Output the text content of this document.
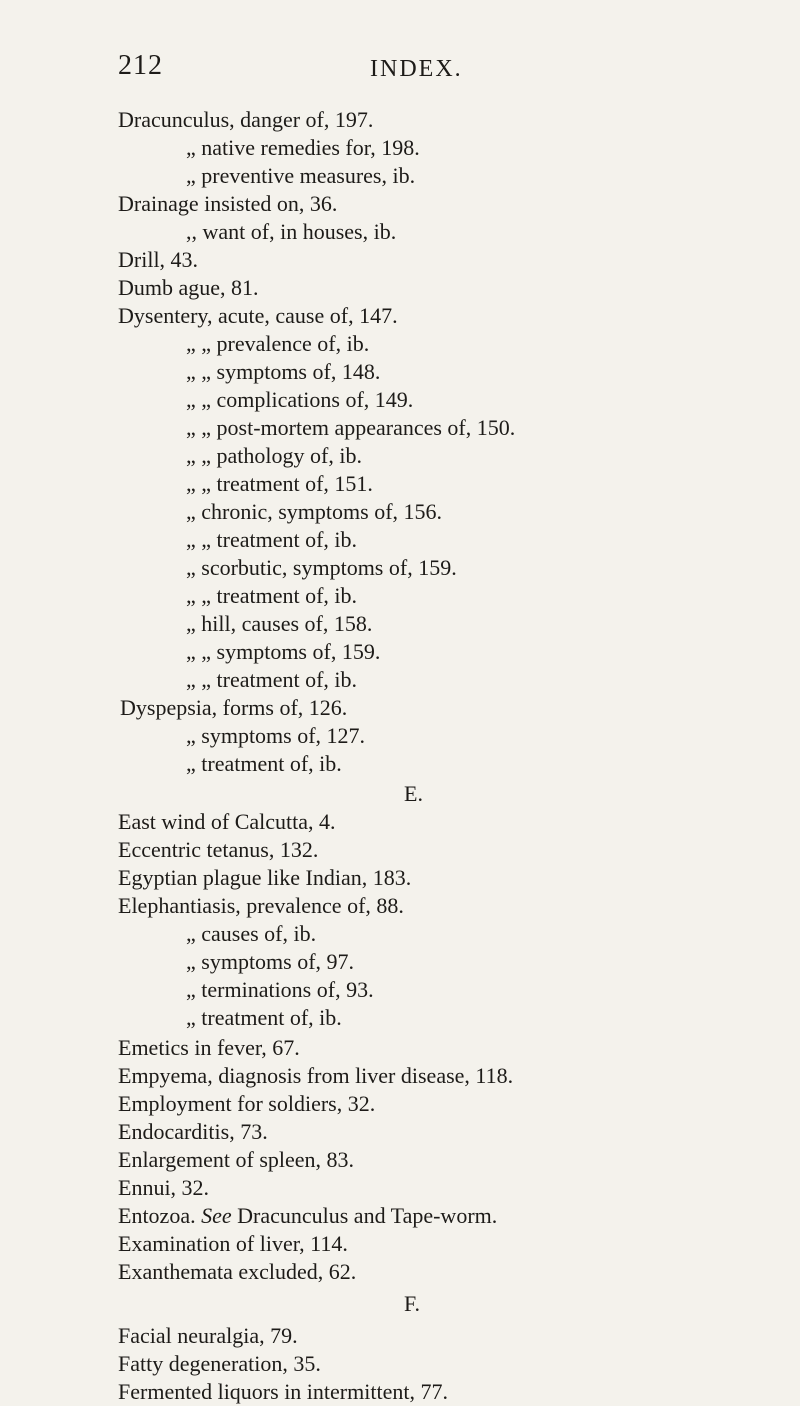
212	INDEX.
Dracunculus, danger of, 197.
„ native remedies for, 198.
„ preventive measures, ib.
Drainage insisted on, 36.
,, want of, in houses, ib.
Drill, 43.
Dumb ague, 81.
Dysentery, acute, cause of, 147.
„ „ prevalence of, ib.
„ „ symptoms of, 148.
„ „ complications of, 149.
„ „ post-mortem appearances of, 150.
„ „ pathology of, ib.
„ „ treatment of, 151.
„ chronic, symptoms of, 156.
„ „ treatment of, ib.
„ scorbutic, symptoms of, 159.
„ „ treatment of, ib.
„ hill, causes of, 158.
„ „ symptoms of, 159.
„ „ treatment of, ib.
Dyspepsia, forms of, 126.
„ symptoms of, 127.
„ treatment of, ib.
E.
East wind of Calcutta, 4.
Eccentric tetanus, 132.
Egyptian plague like Indian, 183.
Elephantiasis, prevalence of, 88.
„ causes of, ib.
„ symptoms of, 97.
„ terminations of, 93.
„ treatment of, ib.
Emetics in fever, 67.
Empyema, diagnosis from liver disease, 118.
Employment for soldiers, 32.
Endocarditis, 73.
Enlargement of spleen, 83.
Ennui, 32.
Entozoa. See Dracunculus and Tape-worm.
Examination of liver, 114.
Exanthemata excluded, 62.
F.
Facial neuralgia, 79.
Fatty degeneration, 35.
Fermented liquors in intermittent, 77.
